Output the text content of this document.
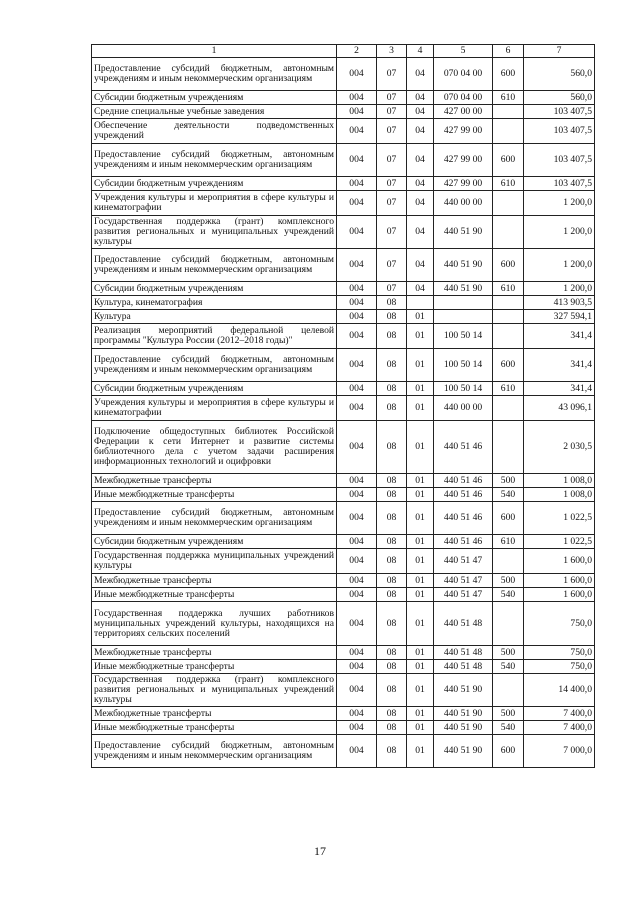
1	2	3	4	5	6	7
Предоставление субсидий бюджетным, автономным учреждениям и иным некоммерческим организациям	004	07	04	070 04 00	600	560,0
Субсидии бюджетным учреждениям	004	07	04	070 04 00	610	560,0
Средние специальные учебные заведения	004	07	04	427 00 00		103 407,5
Обеспечение деятельности подведомственных учреждений	004	07	04	427 99 00		103 407,5
Предоставление субсидий бюджетным, автономным учреждениям и иным некоммерческим организациям	004	07	04	427 99 00	600	103 407,5
Субсидии бюджетным учреждениям	004	07	04	427 99 00	610	103 407,5
Учреждения культуры и мероприятия в сфере культуры и кинематографии	004	07	04	440 00 00		1 200,0
Государственная поддержка (грант) комплексного развития региональных и муниципальных учреждений культуры	004	07	04	440 51 90		1 200,0
Предоставление субсидий бюджетным, автономным учреждениям и иным некоммерческим организациям	004	07	04	440 51 90	600	1 200,0
Субсидии бюджетным учреждениям	004	07	04	440 51 90	610	1 200,0
Культура, кинематография	004	08				413 903,5
Культура	004	08	01			327 594,1
Реализация мероприятий федеральной целевой программы "Культура России (2012–2018 годы)"	004	08	01	100 50 14		341,4
Предоставление субсидий бюджетным, автономным учреждениям и иным некоммерческим организациям	004	08	01	100 50 14	600	341,4
Субсидии бюджетным учреждениям	004	08	01	100 50 14	610	341,4
Учреждения культуры и мероприятия в сфере культуры и кинематографии	004	08	01	440 00 00		43 096,1
Подключение общедоступных библиотек Российской Федерации к сети Интернет и развитие системы библиотечного дела с учетом задачи расширения информационных технологий и оцифровки	004	08	01	440 51 46		2 030,5
Межбюджетные трансферты	004	08	01	440 51 46	500	1 008,0
Иные межбюджетные трансферты	004	08	01	440 51 46	540	1 008,0
Предоставление субсидий бюджетным, автономным учреждениям и иным некоммерческим организациям	004	08	01	440 51 46	600	1 022,5
Субсидии бюджетным учреждениям	004	08	01	440 51 46	610	1 022,5
Государственная поддержка муниципальных учреждений культуры	004	08	01	440 51 47		1 600,0
Межбюджетные трансферты	004	08	01	440 51 47	500	1 600,0
Иные межбюджетные трансферты	004	08	01	440 51 47	540	1 600,0
Государственная поддержка лучших работников муниципальных учреждений культуры, находящихся на территориях сельских поселений	004	08	01	440 51 48		750,0
Межбюджетные трансферты	004	08	01	440 51 48	500	750,0
Иные межбюджетные трансферты	004	08	01	440 51 48	540	750,0
Государственная поддержка (грант) комплексного развития региональных и муниципальных учреждений культуры	004	08	01	440 51 90		14 400,0
Межбюджетные трансферты	004	08	01	440 51 90	500	7 400,0
Иные межбюджетные трансферты	004	08	01	440 51 90	540	7 400,0
Предоставление субсидий бюджетным, автономным учреждениям и иным некоммерческим организациям	004	08	01	440 51 90	600	7 000,0
17
